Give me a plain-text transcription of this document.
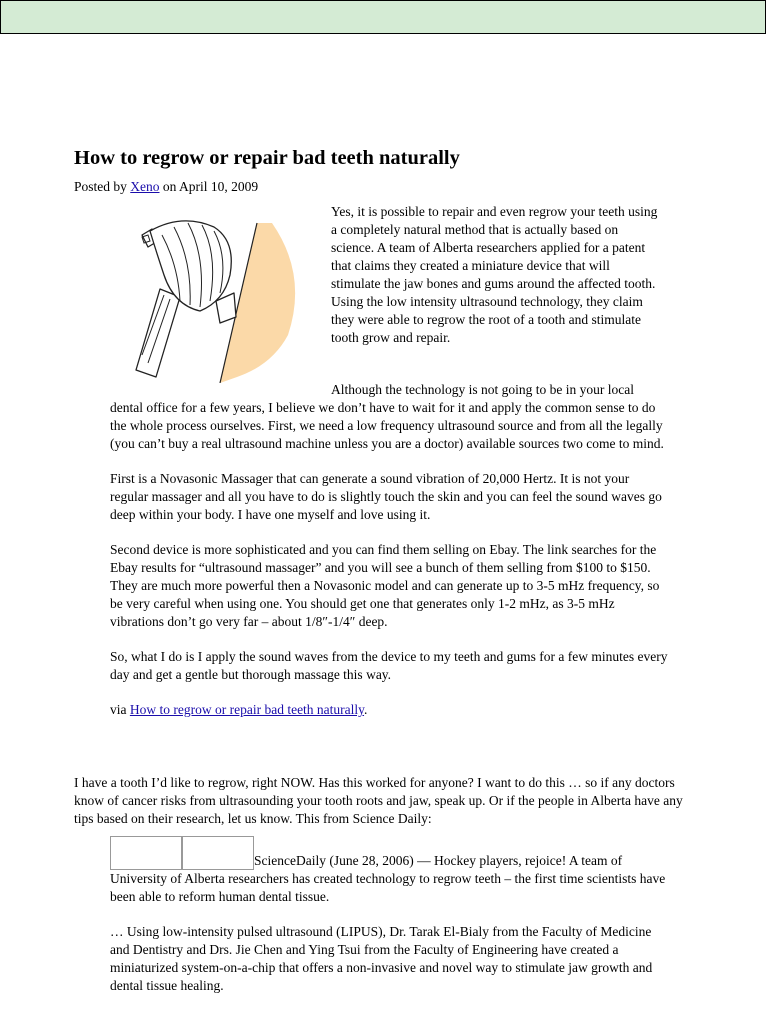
How to regrow or repair bad teeth naturally
Posted by Xeno on April 10, 2009

Yes, it is possible to repair and even regrow your teeth using a completely natural method that is actually based on science. A team of Alberta researchers applied for a patent that claims they created a miniature device that will stimulate the jaw bones and gums around the affected tooth. Using the low intensity ultrasound technology, they claim they were able to regrow the root of a tooth and stimulate tooth grow and repair.

Although the technology is not going to be in your local dental office for a few years, I believe we don’t have to wait for it and apply the common sense to do the whole process ourselves. First, we need a low frequency ultrasound source and from all the legally (you can’t buy a real ultrasound machine unless you are a doctor) available sources two come to mind.

First is a Novasonic Massager that can generate a sound vibration of 20,000 Hertz. It is not your regular massager and all you have to do is slightly touch the skin and you can feel the sound waves go deep within your body. I have one myself and love using it.

Second device is more sophisticated and you can find them selling on Ebay. The link searches for the Ebay results for “ultrasound massager” and you will see a bunch of them selling from $100 to $150. They are much more powerful then a Novasonic model and can generate up to 3-5 mHz frequency, so be very careful when using one. You should get one that generates only 1-2 mHz, as 3-5 mHz vibrations don’t go very far – about 1/8″-1/4″ deep.

So, what I do is I apply the sound waves from the device to my teeth and gums for a few minutes every day and get a gentle but thorough massage this way.

via How to regrow or repair bad teeth naturally.

I have a tooth I’d like to regrow, right NOW. Has this worked for anyone? I want to do this … so if any doctors know of cancer risks from ultrasounding your tooth roots and jaw, speak up. Or if the people in Alberta have any tips based on their research, let us know. This from Science Daily:

ScienceDaily (June 28, 2006) — Hockey players, rejoice! A team of University of Alberta researchers has created technology to regrow teeth – the first time scientists have been able to reform human dental tissue.

… Using low-intensity pulsed ultrasound (LIPUS), Dr. Tarak El-Bialy from the Faculty of Medicine and Dentistry and Drs. Jie Chen and Ying Tsui from the Faculty of Engineering have created a miniaturized system-on-a-chip that offers a non-invasive and novel way to stimulate jaw growth and dental tissue healing.
